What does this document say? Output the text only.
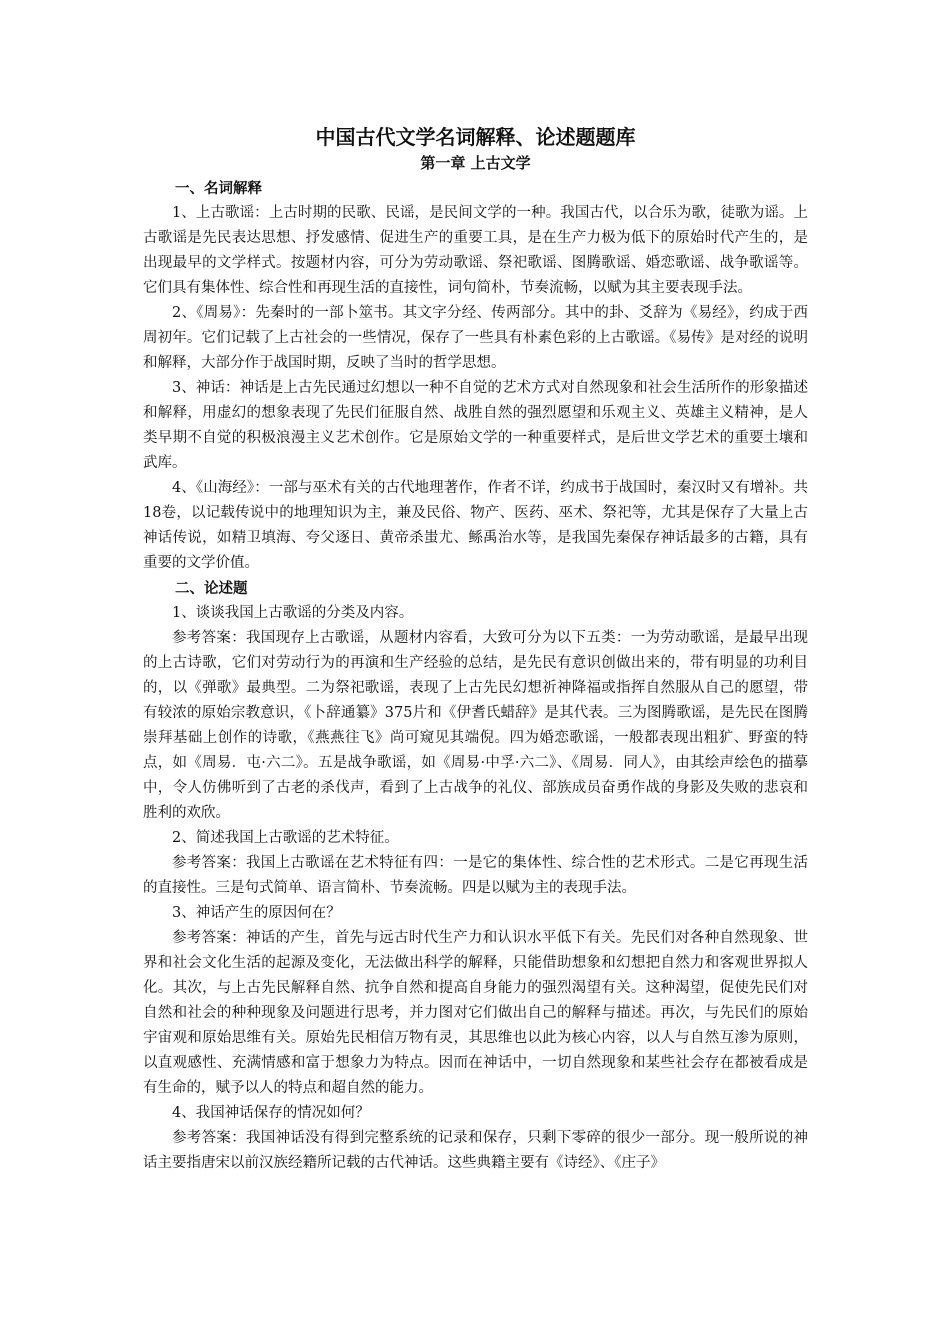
中国古代文学名词解释、论述题题库
第一章 上古文学
一、名词解释

1、上古歌谣：上古时期的民歌、民谣，是民间文学的一种。我国古代，以合乐为歌，徒歌为谣。上古歌谣是先民表达思想、抒发感情、促进生产的重要工具，是在生产力极为低下的原始时代产生的，是出现最早的文学样式。按题材内容，可分为劳动歌谣、祭祀歌谣、图腾歌谣、婚恋歌谣、战争歌谣等。它们具有集体性、综合性和再现生活的直接性，词句简朴，节奏流畅，以赋为其主要表现手法。

2、《周易》：先秦时的一部卜筮书。其文字分经、传两部分。其中的卦、爻辞为《易经》，约成于西周初年。它们记载了上古社会的一些情况，保存了一些具有朴素色彩的上古歌谣。《易传》是对经的说明和解释，大部分作于战国时期，反映了当时的哲学思想。

3、神话：神话是上古先民通过幻想以一种不自觉的艺术方式对自然现象和社会生活所作的形象描述和解释，用虚幻的想象表现了先民们征服自然、战胜自然的强烈愿望和乐观主义、英雄主义精神，是人类早期不自觉的积极浪漫主义艺术创作。它是原始文学的一种重要样式，是后世文学艺术的重要土壤和武库。

4、《山海经》：一部与巫术有关的古代地理著作，作者不详，约成书于战国时，秦汉时又有增补。共18卷，以记载传说中的地理知识为主，兼及民俗、物产、医药、巫术、祭祀等，尤其是保存了大量上古神话传说，如精卫填海、夸父逐日、黄帝杀蚩尤、鲧禹治水等，是我国先秦保存神话最多的古籍，具有重要的文学价值。

二、论述题

1、谈谈我国上古歌谣的分类及内容。

参考答案：我国现存上古歌谣，从题材内容看，大致可分为以下五类：一为劳动歌谣，是最早出现的上古诗歌，它们对劳动行为的再演和生产经验的总结，是先民有意识创做出来的，带有明显的功利目的，以《弹歌》最典型。二为祭祀歌谣，表现了上古先民幻想祈神降福或指挥自然服从自己的愿望，带有较浓的原始宗教意识，《卜辞通纂》375片和《伊耆氏蜡辞》是其代表。三为图腾歌谣，是先民在图腾崇拜基础上创作的诗歌，《燕燕往飞》尚可窥见其端倪。四为婚恋歌谣，一般都表现出粗犷、野蛮的特点，如《周易．屯·六二》。五是战争歌谣，如《周易·中孚·六二》、《周易．同人》，由其绘声绘色的描摹中，令人仿佛听到了古老的杀伐声，看到了上古战争的礼仪、部族成员奋勇作战的身影及失败的悲哀和胜利的欢欣。

2、简述我国上古歌谣的艺术特征。

参考答案：我国上古歌谣在艺术特征有四：一是它的集体性、综合性的艺术形式。二是它再现生活的直接性。三是句式简单、语言简朴、节奏流畅。四是以赋为主的表现手法。

3、神话产生的原因何在？

参考答案：神话的产生，首先与远古时代生产力和认识水平低下有关。先民们对各种自然现象、世界和社会文化生活的起源及变化，无法做出科学的解释，只能借助想象和幻想把自然力和客观世界拟人化。其次，与上古先民解释自然、抗争自然和提高自身能力的强烈渴望有关。这种渴望，促使先民们对自然和社会的种种现象及问题进行思考，并力图对它们做出自己的解释与描述。再次，与先民们的原始宇宙观和原始思维有关。原始先民相信万物有灵，其思维也以此为核心内容，以人与自然互渗为原则，以直观感性、充满情感和富于想象力为特点。因而在神话中，一切自然现象和某些社会存在都被看成是有生命的，赋予以人的特点和超自然的能力。

4、我国神话保存的情况如何？

参考答案：我国神话没有得到完整系统的记录和保存，只剩下零碎的很少一部分。现一般所说的神话主要指唐宋以前汉族经籍所记载的古代神话。这些典籍主要有《诗经》、《庄子》
